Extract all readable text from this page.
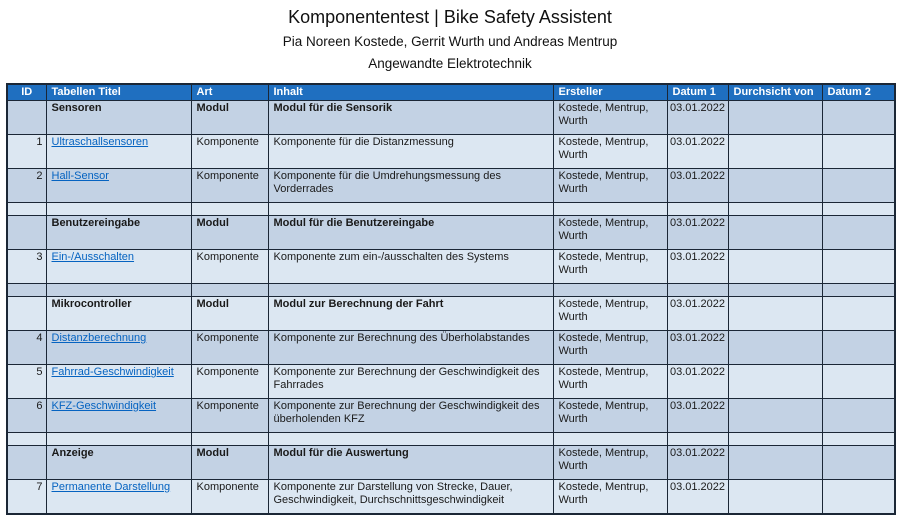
Komponententest | Bike Safety Assistent
Pia Noreen Kostede, Gerrit Wurth und Andreas Mentrup
Angewandte Elektrotechnik
ID	Tabellen Titel	Art	Inhalt	Ersteller	Datum 1	Durchsicht von	Datum 2
	Sensoren	Modul	Modul für die Sensorik	Kostede, Mentrup, Wurth	03.01.2022		
1	Ultraschallsensoren	Komponente	Komponente für die Distanzmessung	Kostede, Mentrup, Wurth	03.01.2022		
2	Hall-Sensor	Komponente	Komponente für die Umdrehungsmessung des Vorderrades	Kostede, Mentrup, Wurth	03.01.2022		

	Benutzereingabe	Modul	Modul für die Benutzereingabe	Kostede, Mentrup, Wurth	03.01.2022		
3	Ein-/Ausschalten	Komponente	Komponente zum ein-/ausschalten des Systems	Kostede, Mentrup, Wurth	03.01.2022		

	Mikrocontroller	Modul	Modul zur Berechnung der Fahrt	Kostede, Mentrup, Wurth	03.01.2022		
4	Distanzberechnung	Komponente	Komponente zur Berechnung des Überholabstandes	Kostede, Mentrup, Wurth	03.01.2022		
5	Fahrrad-Geschwindigkeit	Komponente	Komponente zur Berechnung der Geschwindigkeit des Fahrrades	Kostede, Mentrup, Wurth	03.01.2022		
6	KFZ-Geschwindigkeit	Komponente	Komponente zur Berechnung der Geschwindigkeit des überholenden KFZ	Kostede, Mentrup, Wurth	03.01.2022		

	Anzeige	Modul	Modul für die Auswertung	Kostede, Mentrup, Wurth	03.01.2022		
7	Permanente Darstellung	Komponente	Komponente zur Darstellung von Strecke, Dauer, Geschwindigkeit, Durchschnittsgeschwindigkeit	Kostede, Mentrup, Wurth	03.01.2022		
